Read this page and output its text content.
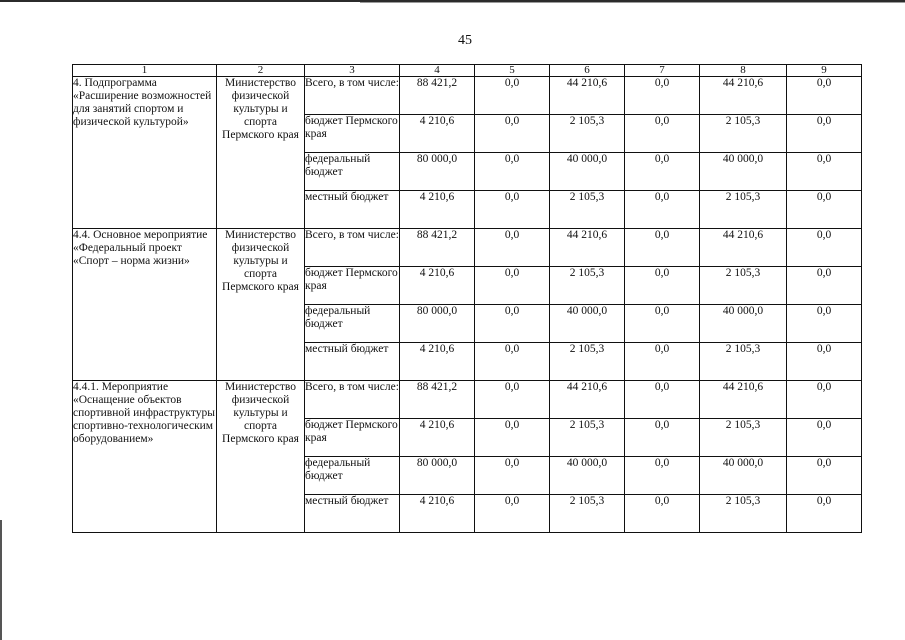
45
1	2	3	4	5	6	7	8	9
4. Подпрограмма «Расширение возможностей для занятий спортом и физической культурой»	Министерство физической культуры и спорта Пермского края	Всего, в том числе:	88 421,2	0,0	44 210,6	0,0	44 210,6	0,0
		бюджет Пермского края	4 210,6	0,0	2 105,3	0,0	2 105,3	0,0
		федеральный бюджет	80 000,0	0,0	40 000,0	0,0	40 000,0	0,0
		местный бюджет	4 210,6	0,0	2 105,3	0,0	2 105,3	0,0
4.4. Основное мероприятие «Федеральный проект «Спорт – норма жизни»	Министерство физической культуры и спорта Пермского края	Всего, в том числе:	88 421,2	0,0	44 210,6	0,0	44 210,6	0,0
		бюджет Пермского края	4 210,6	0,0	2 105,3	0,0	2 105,3	0,0
		федеральный бюджет	80 000,0	0,0	40 000,0	0,0	40 000,0	0,0
		местный бюджет	4 210,6	0,0	2 105,3	0,0	2 105,3	0,0
4.4.1. Мероприятие «Оснащение объектов спортивной инфраструктуры спортивно-технологическим оборудованием»	Министерство физической культуры и спорта Пермского края	Всего, в том числе:	88 421,2	0,0	44 210,6	0,0	44 210,6	0,0
		бюджет Пермского края	4 210,6	0,0	2 105,3	0,0	2 105,3	0,0
		федеральный бюджет	80 000,0	0,0	40 000,0	0,0	40 000,0	0,0
		местный бюджет	4 210,6	0,0	2 105,3	0,0	2 105,3	0,0
